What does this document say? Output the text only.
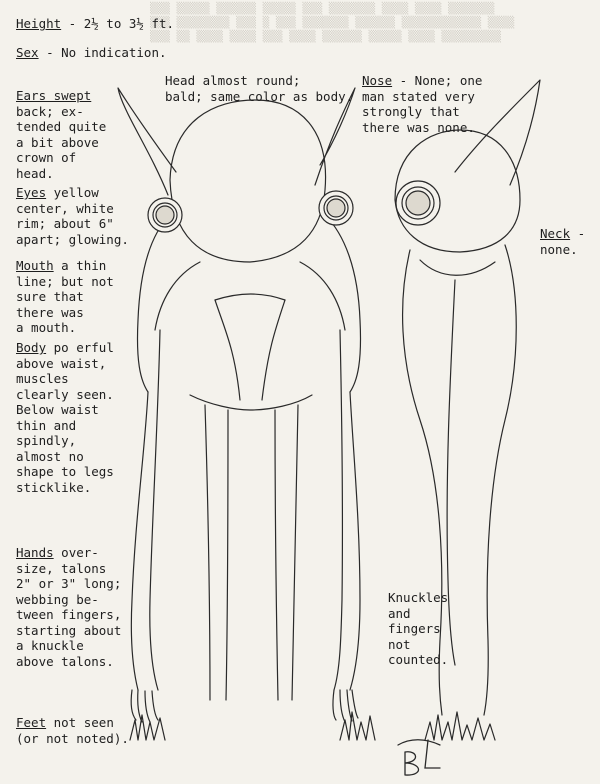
▒▒▒ ▒▒▒▒▒ ▒▒▒▒▒▒ ▒▒▒▒▒ ▒▒▒ ▒▒▒▒▒▒▒ ▒▒▒▒ ▒▒▒▒ ▒▒▒▒▒▒▒
▒▒▒ ▒▒▒▒▒▒▒▒ ▒▒▒ ▒ ▒▒▒ ▒▒▒▒▒▒▒ ▒▒▒▒▒▒ ▒▒▒▒▒▒▒▒▒▒▒▒ ▒▒▒▒
▒▒▒ ▒▒ ▒▒▒▒ ▒▒▒▒ ▒▒▒ ▒▒▒▒ ▒▒▒▒▒▒ ▒▒▒▒▒ ▒▒▒▒ ▒▒▒▒▒▒▒▒▒
Height - 2½ to 3½ ft.
Sex - No indication.
Ears swept
back; ex-
tended quite
a bit above
crown of
head.
Head almost round;
bald; same color as body.
Nose - None; one
man stated very
strongly that
there was none.
Eyes yellow
center, white
rim; about 6"
apart; glowing.	Neck -
none.
Mouth a thin
line; but not
sure that
there was
a mouth.
Body po erful
above waist,
muscles
clearly seen.
Below waist
thin and
spindly,
almost no
shape to legs
sticklike.
Hands over-
size, talons
2" or 3" long;
webbing be-
tween fingers,
starting about
a knuckle
above talons.
Knuckles
and
fingers
not
counted.
Feet not seen
(or not noted).
